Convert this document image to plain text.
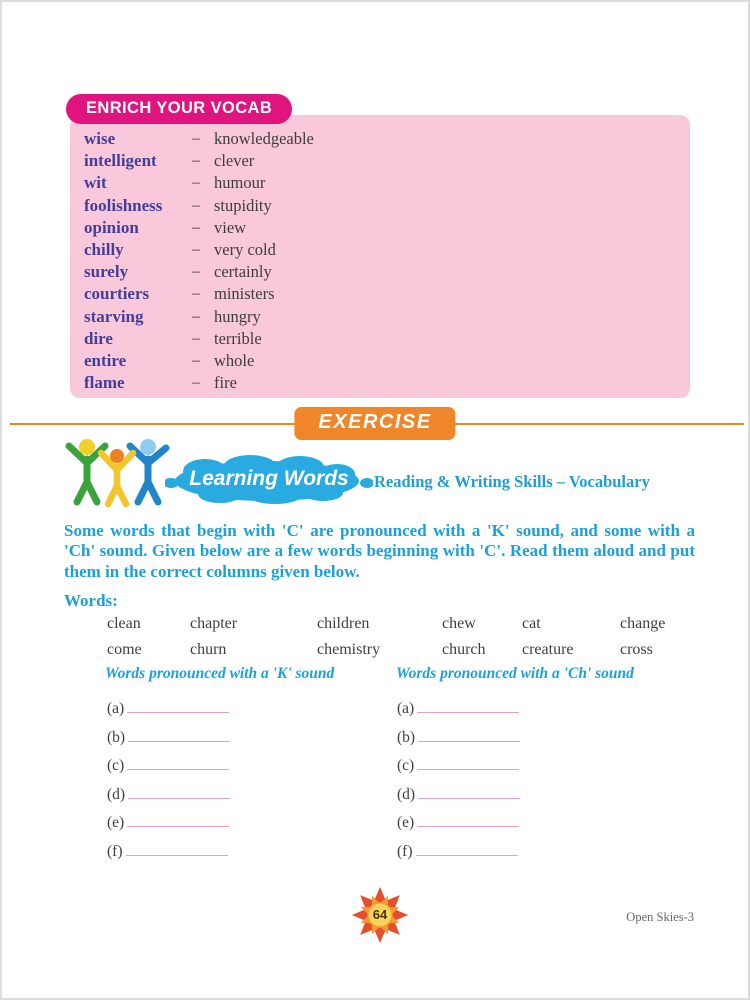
ENRICH YOUR VOCAB
wise	– knowledgeable
intelligent	– clever
wit	– humour
foolishness	– stupidity
opinion	– view
chilly	– very cold
surely	– certainly
courtiers	– ministers
starving	– hungry
dire	– terrible
entire	– whole
flame	– fire
EXERCISE
Learning Words	Reading & Writing Skills – Vocabulary
Some words that begin with 'C' are pronounced with a 'K' sound, and some with a 'Ch' sound. Given below are a few words beginning with 'C'. Read them aloud and put them in the correct columns given below.
Words:
clean	chapter	children	chew	cat	change
come	churn	chemistry	church	creature	cross
Words pronounced with a 'K' sound	Words pronounced with a 'Ch' sound
(a)
(b)
(c)
(d)
(e)
(f)
(a)
(b)
(c)
(d)
(e)
(f)
64	Open Skies-3
